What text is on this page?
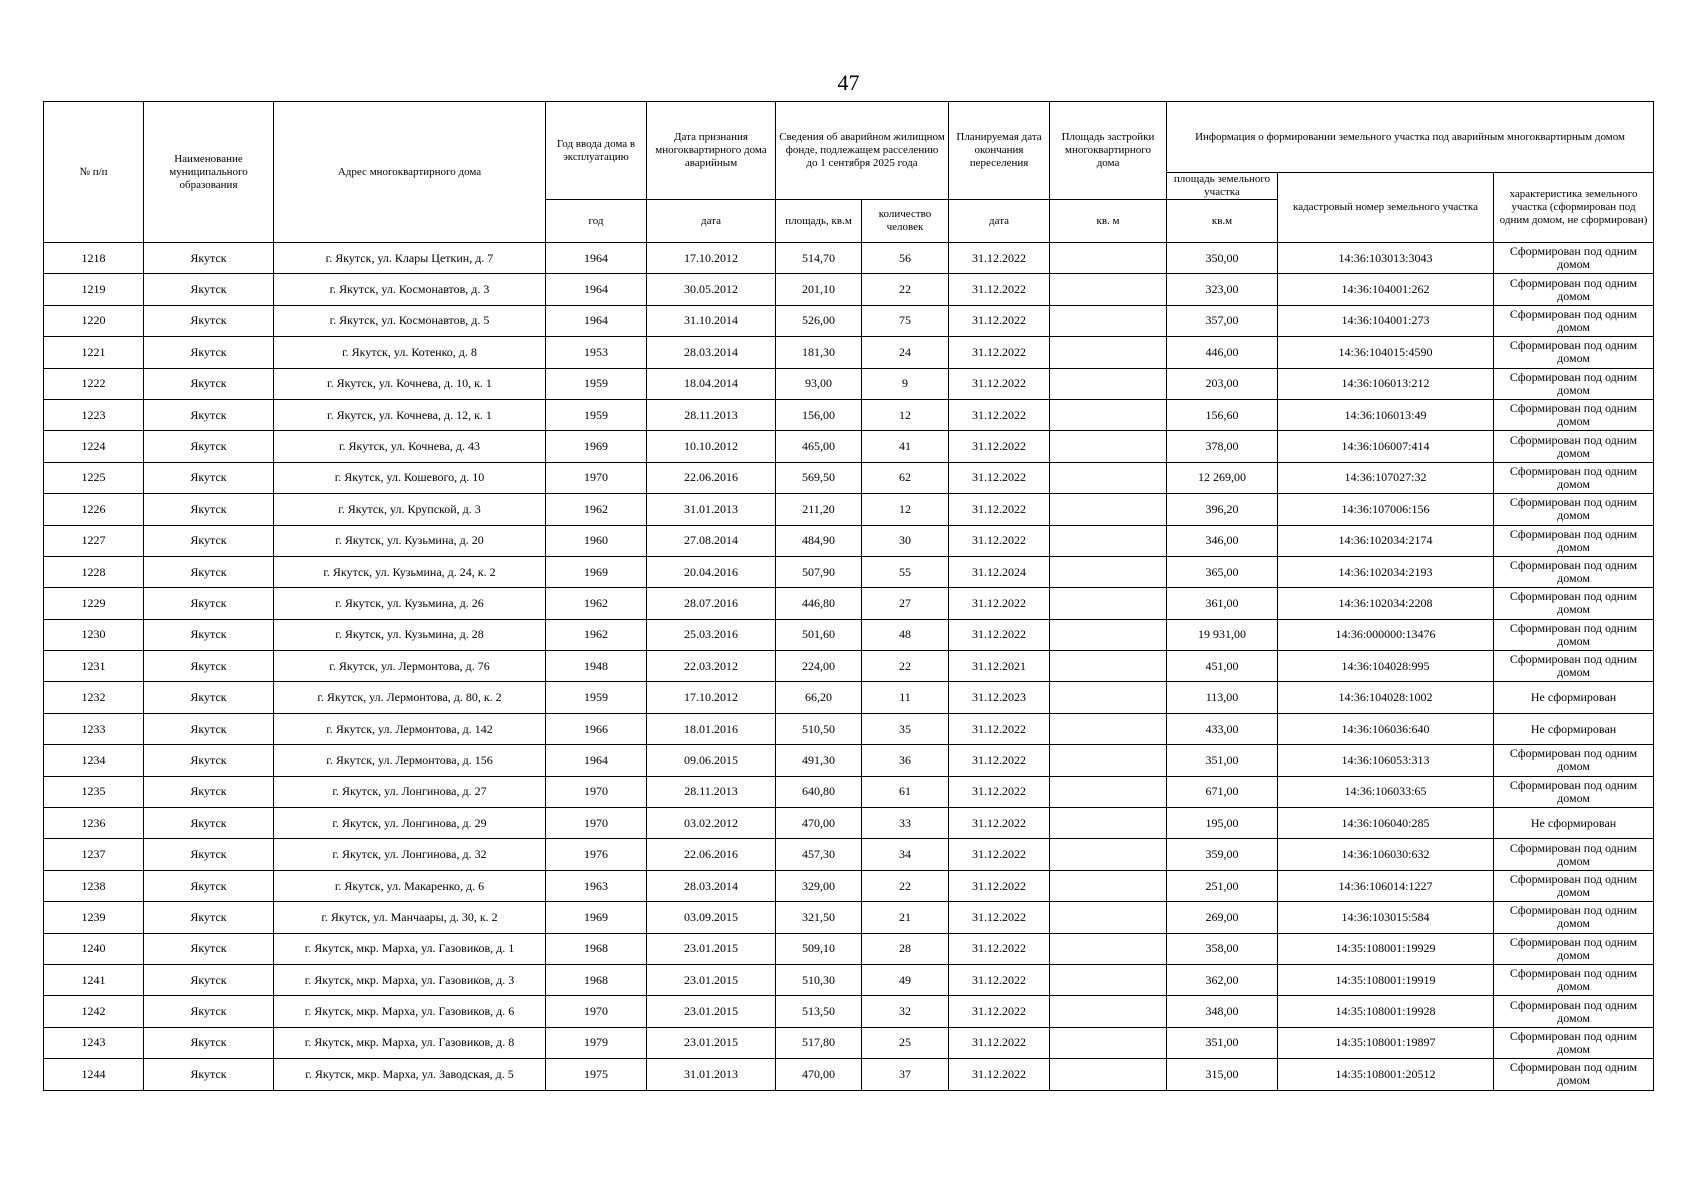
47
№ п/п	Наименование муниципального образования	Адрес многоквартирного дома	Год ввода дома в эксплуатацию	Дата признания многоквартирного дома аварийным	Сведения об аварийном жилищном фонде, подлежащем расселению до 1 сентября 2025 года		Планируемая дата окончания переселения	Площадь застройки многоквартирного дома	Информация о формировании земельного участка под аварийным многоквартирным домом		
									площадь земельного участка	кадастровый номер земельного участка	характеристика земельного участка (сформирован под одним домом, не сформирован)
			год	дата	площадь, кв.м	количество человек	дата	кв. м	кв.м		
1218	Якутск	г. Якутск, ул. Клары Цеткин, д. 7	1964	17.10.2012	514,70	56	31.12.2022		350,00	14:36:103013:3043	Сформирован под одним домом
1219	Якутск	г. Якутск, ул. Космонавтов, д. 3	1964	30.05.2012	201,10	22	31.12.2022		323,00	14:36:104001:262	Сформирован под одним домом
1220	Якутск	г. Якутск, ул. Космонавтов, д. 5	1964	31.10.2014	526,00	75	31.12.2022		357,00	14:36:104001:273	Сформирован под одним домом
1221	Якутск	г. Якутск, ул. Котенко, д. 8	1953	28.03.2014	181,30	24	31.12.2022		446,00	14:36:104015:4590	Сформирован под одним домом
1222	Якутск	г. Якутск, ул. Кочнева, д. 10, к. 1	1959	18.04.2014	93,00	9	31.12.2022		203,00	14:36:106013:212	Сформирован под одним домом
1223	Якутск	г. Якутск, ул. Кочнева, д. 12, к. 1	1959	28.11.2013	156,00	12	31.12.2022		156,60	14:36:106013:49	Сформирован под одним домом
1224	Якутск	г. Якутск, ул. Кочнева, д. 43	1969	10.10.2012	465,00	41	31.12.2022		378,00	14:36:106007:414	Сформирован под одним домом
1225	Якутск	г. Якутск, ул. Кошевого, д. 10	1970	22.06.2016	569,50	62	31.12.2022		12 269,00	14:36:107027:32	Сформирован под одним домом
1226	Якутск	г. Якутск, ул. Крупской, д. 3	1962	31.01.2013	211,20	12	31.12.2022		396,20	14:36:107006:156	Сформирован под одним домом
1227	Якутск	г. Якутск, ул. Кузьмина, д. 20	1960	27.08.2014	484,90	30	31.12.2022		346,00	14:36:102034:2174	Сформирован под одним домом
1228	Якутск	г. Якутск, ул. Кузьмина, д. 24, к. 2	1969	20.04.2016	507,90	55	31.12.2024		365,00	14:36:102034:2193	Сформирован под одним домом
1229	Якутск	г. Якутск, ул. Кузьмина, д. 26	1962	28.07.2016	446,80	27	31.12.2022		361,00	14:36:102034:2208	Сформирован под одним домом
1230	Якутск	г. Якутск, ул. Кузьмина, д. 28	1962	25.03.2016	501,60	48	31.12.2022		19 931,00	14:36:000000:13476	Сформирован под одним домом
1231	Якутск	г. Якутск, ул. Лермонтова, д. 76	1948	22.03.2012	224,00	22	31.12.2021		451,00	14:36:104028:995	Сформирован под одним домом
1232	Якутск	г. Якутск, ул. Лермонтова, д. 80, к. 2	1959	17.10.2012	66,20	11	31.12.2023		113,00	14:36:104028:1002	Не сформирован
1233	Якутск	г. Якутск, ул. Лермонтова, д. 142	1966	18.01.2016	510,50	35	31.12.2022		433,00	14:36:106036:640	Не сформирован
1234	Якутск	г. Якутск, ул. Лермонтова, д. 156	1964	09.06.2015	491,30	36	31.12.2022		351,00	14:36:106053:313	Сформирован под одним домом
1235	Якутск	г. Якутск, ул. Лонгинова, д. 27	1970	28.11.2013	640,80	61	31.12.2022		671,00	14:36:106033:65	Сформирован под одним домом
1236	Якутск	г. Якутск, ул. Лонгинова, д. 29	1970	03.02.2012	470,00	33	31.12.2022		195,00	14:36:106040:285	Не сформирован
1237	Якутск	г. Якутск, ул. Лонгинова, д. 32	1976	22.06.2016	457,30	34	31.12.2022		359,00	14:36:106030:632	Сформирован под одним домом
1238	Якутск	г. Якутск, ул. Макаренко, д. 6	1963	28.03.2014	329,00	22	31.12.2022		251,00	14:36:106014:1227	Сформирован под одним домом
1239	Якутск	г. Якутск, ул. Манчаары, д. 30, к. 2	1969	03.09.2015	321,50	21	31.12.2022		269,00	14:36:103015:584	Сформирован под одним домом
1240	Якутск	г. Якутск, мкр. Марха, ул. Газовиков, д. 1	1968	23.01.2015	509,10	28	31.12.2022		358,00	14:35:108001:19929	Сформирован под одним домом
1241	Якутск	г. Якутск, мкр. Марха, ул. Газовиков, д. 3	1968	23.01.2015	510,30	49	31.12.2022		362,00	14:35:108001:19919	Сформирован под одним домом
1242	Якутск	г. Якутск, мкр. Марха, ул. Газовиков, д. 6	1970	23.01.2015	513,50	32	31.12.2022		348,00	14:35:108001:19928	Сформирован под одним домом
1243	Якутск	г. Якутск, мкр. Марха, ул. Газовиков, д. 8	1979	23.01.2015	517,80	25	31.12.2022		351,00	14:35:108001:19897	Сформирован под одним домом
1244	Якутск	г. Якутск, мкр. Марха, ул. Заводская, д. 5	1975	31.01.2013	470,00	37	31.12.2022		315,00	14:35:108001:20512	Сформирован под одним домом
